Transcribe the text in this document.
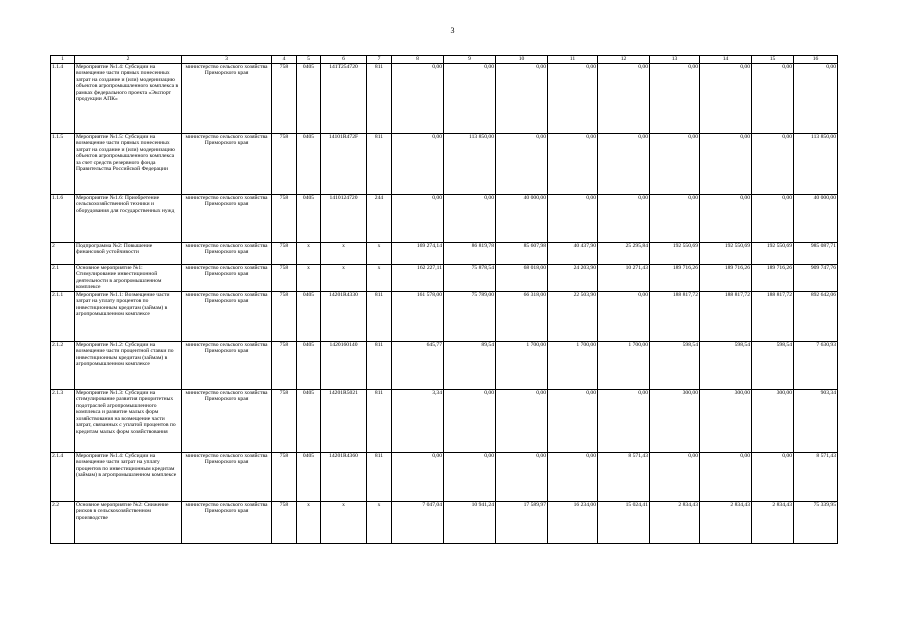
3
1	2	3	4	5	6	7	8	9	10	11	12	13	14	15	16
1.1.4	Мероприятие №1.4: Субсидии на возмещение части прямых понесенных затрат на создание и (или) модернизацию объектов агропромышленного комплекса в рамках федерального проекта «Экспорт продукции АПК»	министерство сельского хозяйства Приморского края	758	0405	141T254720	811	0,00	0,00	0,00	0,00	0,00	0,00	0,00	0,00	0,00
1.1.5	Мероприятие №1.5: Субсидии на возмещение части прямых понесенных затрат на создание и (или) модернизацию объектов агропромышленного комплекса за счет средств резервного фонда Правительства Российской Федерации	министерство сельского хозяйства Приморского края	758	0405	14101R472F	811	0,00	113 850,00	0,00	0,00	0,00	0,00	0,00	0,00	113 850,00
1.1.6	Мероприятие №1.6: Приобретение сельскохозяйственной техники и оборудования для государственных нужд	министерство сельского хозяйства Приморского края	758	0405	1410124720	244	0,00	0,00	40 000,00	0,00	0,00	0,00	0,00	0,00	40 000,00
2	Подпрограмма №2: Повышение финансовой устойчивости	министерство сельского хозяйства Приморского края	758	x	x	x	169 274,14	86 819,78	85 607,98	40 437,90	25 295,84	192 550,69	192 550,69	192 550,69	985 087,71
2.1	Основное мероприятие №1: Стимулирование инвестиционной деятельности в агропромышленном комплексе	министерство сельского хозяйства Приморского края	758	x	x	x	162 227,11	75 878,54	68 018,00	24 203,90	10 271,43	189 716,26	189 716,26	189 716,26	909 747,76
2.1.1	Мероприятие №1.1: Возмещение части затрат на уплату процентов по инвестиционным кредитам (займам) в агропромышленном комплексе	министерство сельского хозяйства Приморского края	758	0405	14201R4330	811	161 578,00	75 789,00	66 318,00	22 503,90	0,00	188 817,72	188 817,72	188 817,72	892 642,06
2.1.2	Мероприятие №1.2: Субсидии на возмещение части процентной ставки по инвестиционным кредитам (займам) в агропромышленном комплексе	министерство сельского хозяйства Приморского края	758	0405	1420160140	811	645,77	89,54	1 700,00	1 700,00	1 700,00	598,54	598,54	598,54	7 630,93
2.1.3	Мероприятие №1.3: Субсидии на стимулирование развития приоритетных подотраслей агропромышленного комплекса и развитие малых форм хозяйствования на возмещение части затрат, связанных с уплатой процентов по кредитам малых форм хозяйствования	министерство сельского хозяйства Приморского края	758	0405	14201R5021	811	3,34	0,00	0,00	0,00	0,00	300,00	300,00	300,00	903,34
2.1.4	Мероприятие №1.4: Субсидии на возмещение части затрат на уплату процентов по инвестиционным кредитам (займам) в агропромышленном комплексе	министерство сельского хозяйства Приморского края	758	0405	14201R4360	811	0,00	0,00	0,00	0,00	8 571,43	0,00	0,00	0,00	8 571,43
2.2	Основное мероприятие №2: Снижение рисков в сельскохозяйственном производстве	министерство сельского хозяйства Приморского края	758	x	x	x	7 047,04	10 941,24	17 589,97	16 234,00	15 024,41	2 834,43	2 834,43	2 834,43	75 339,95
